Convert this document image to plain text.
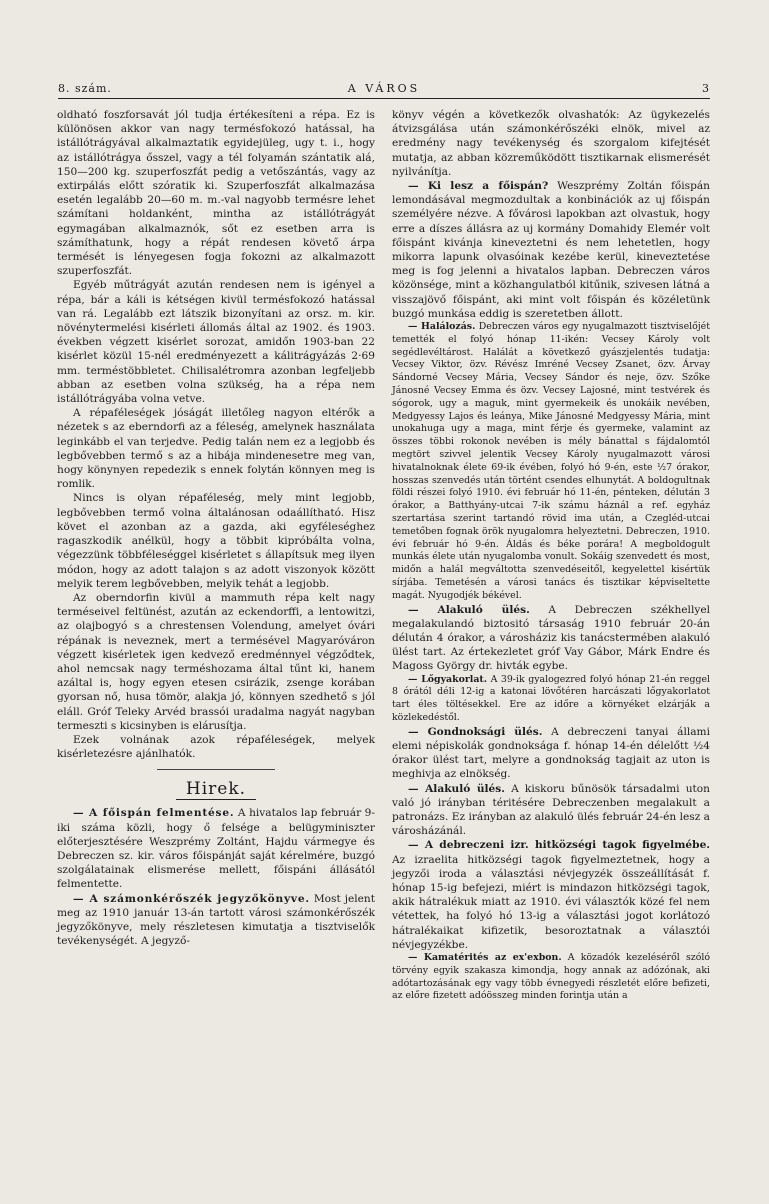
8. szám.	A VÁROS	3

oldható foszforsavát jól tudja értékesíteni a répa. Ez is különösen akkor van nagy termésfokozó hatással, ha istállótrágyával alkalmaztatik egyidejüleg, ugy t. i., hogy az istállótrágya ősszel, vagy a tél folyamán szántatik alá, 150—200 kg. szuperfoszfát pedig a vetőszántás, vagy az extirpálás előtt szóratik ki. Szuperfoszfát alkalmazása esetén legalább 20—60 m. m.-val nagyobb termésre lehet számítani holdanként, mintha az istállótrágyát egymagában alkalmaznók, sőt ez esetben arra is számíthatunk, hogy a répát rendesen követő árpa termését is lényegesen fogja fokozni az alkalmazott szuperfoszfát.

Egyéb műtrágyát azután rendesen nem is igényel a répa, bár a káli is kétségen kivül termésfokozó hatással van rá. Legalább ezt látszik bizonyítani az orsz. m. kir. növénytermelési kisérleti állomás által az 1902. és 1903. években végzett kisérlet sorozat, amidőn 1903-ban 22 kisérlet közül 15-nél eredményezett a kálitrágyázás 2·69 mm. terméstöbbletet. Chilisalétromra azonban legfeljebb abban az esetben volna szükség, ha a répa nem istállótrágyába volna vetve.

A répaféleségek jóságát illetőleg nagyon eltérők a nézetek s az eberndorfi az a féleség, amelynek használata leginkább el van terjedve. Pedig talán nem ez a legjobb és legbővebben termő s az a hibája mindenesetre meg van, hogy könynyen repedezik s ennek folytán könnyen meg is romlik.

Nincs is olyan répaféleség, mely mint legjobb, legbővebben termő volna általánosan odaállítható. Hisz követ el azonban az a gazda, aki egyféleséghez ragaszkodik anélkül, hogy a többit kipróbálta volna, végezzünk többféleséggel kisérletet s állapítsuk meg ilyen módon, hogy az adott talajon s az adott viszonyok között melyik terem legbővebben, melyik tehát a legjobb.

Az oberndorfin kivül a mammuth répa kelt nagy terméseivel feltünést, azután az eckendorffi, a lentowitzi, az olajbogyó s a chrestensen Volendung, amelyet óvári répának is neveznek, mert a termésével Magyaróváron végzett kisérletek igen kedvező eredménnyel végződtek, ahol nemcsak nagy terméshozama által tűnt ki, hanem azáltal is, hogy egyen etesen csirázik, zsenge korában gyorsan nő, husa tömör, alakja jó, könnyen szedhető s jól eláll. Gróf Teleky Arvéd brassói uradalma nagyát nagyban termeszti s kicsinyben is elárusítja.

Ezek volnának azok répaféleségek, melyek kisérletezésre ajánlhatók.

Hirek.

— A főispán felmentése. A hivatalos lap február 9-iki száma közli, hogy ő felsége a belügyminiszter előterjesztésére Weszprémy Zoltánt, Hajdu vármegye és Debreczen sz. kir. város főispánját saját kérelmére, buzgó szolgálatainak elismerése mellett, főispáni állásától felmentette.

— A számonkérőszék jegyzőkönyve. Most jelent meg az 1910 január 13-án tartott városi számonkérőszék jegyzőkönyve, mely részletesen kimutatja a tisztviselők tevékenységét. A jegyző-

könyv végén a következők olvashatók: Az ügykezelés átvizsgálása után számonkérőszéki elnök, mivel az eredmény nagy tevékenység és szorgalom kifejtését mutatja, az abban közreműködött tisztikarnak elismerését nyilvánítja.

— Ki lesz a főispán? Weszprémy Zoltán főispán lemondásával megmozdultak a konbinációk az uj főispán személyére nézve. A fővárosi lapokban azt olvastuk, hogy erre a díszes állásra az uj kormány Domahidy Elemér volt főispánt kivánja kineveztetni és nem lehetetlen, hogy mikorra lapunk olvasóinak kezébe kerül, kineveztetése meg is fog jelenni a hivatalos lapban. Debreczen város közönsége, mint a közhangulatból kitűnik, szivesen látná a visszajövő főispánt, aki mint volt főispán és közéletünk buzgó munkása eddig is szeretetben állott.

— Halálozás. Debreczen város egy nyugalmazott tisztviselőjét temették el folyó hónap 11-ikén: Vecsey Károly volt segédlevéltárost. Halálát a következő gyászjelentés tudatja: Vecsey Viktor, özv. Révész Imréné Vecsey Zsanet, özv. Árvay Sándorné Vecsey Mária, Vecsey Sándor és neje, özv. Szőke Jánosné Vecsey Emma és özv. Vecsey Lajosné, mint testvérek és sógorok, ugy a maguk, mint gyermekeik és unokáik nevében, Medgyessy Lajos és leánya, Mike Jánosné Medgyessy Mária, mint unokahuga ugy a maga, mint férje és gyermeke, valamint az összes többi rokonok nevében is mély bánattal s fájdalomtól megtört szivvel jelentik Vecsey Károly nyugalmazott városi hivatalnoknak élete 69-ik évében, folyó hó 9-én, este ½7 órakor, hosszas szenvedés után történt csendes elhunytát. A boldogultnak földi részei folyó 1910. évi február hó 11-én, pénteken, délután 3 órakor, a Batthyány-utcai 7-ik számu háznál a ref. egyház szertartása szerint tartandó rövid ima után, a Czegléd-utcai temetőben fognak örök nyugalomra helyeztetni. Debreczen, 1910. évi február hó 9-én. Áldás és béke porára! A megboldogult munkás élete után nyugalomba vonult. Sokáig szenvedett és most, midőn a halál megváltotta szenvedéseitől, kegyelettel kisértük sírjába. Temetésén a városi tanács és tisztikar képviseltette magát. Nyugodjék békével.

— Alakuló ülés. A Debreczen székhellyel megalakulandó biztositó társaság 1910 február 20-án délután 4 órakor, a városháziz kis tanácstermében alakuló ülést tart. Az értekezletet gróf Vay Gábor, Márk Endre és Magoss György dr. hivták egybe.

— Lőgyakorlat. A 39-ik gyalogezred folyó hónap 21-én reggel 8 órától déli 12-ig a katonai lövőtéren harcászati lőgyakorlatot tart éles töltésekkel. Ere az időre a környéket elzárják a közlekedéstől.

— Gondnoksági ülés. A debreczeni tanyai állami elemi népiskolák gondnoksága f. hónap 14-én délelőtt ½4 órakor ülést tart, melyre a gondnokság tagjait az uton is meghivja az elnökség.

— Alakuló ülés. A kiskoru bűnösök társadalmi uton való jó irányban téritésére Debreczenben megalakult a patronázs. Ez irányban az alakuló ülés február 24-én lesz a városházánál.

— A debreczeni izr. hitközségi tagok figyelmébe. Az izraelita hitközségi tagok figyelmeztetnek, hogy a jegyzői iroda a választási névjegyzék összeállítását f. hónap 15-ig befejezi, miért is mindazon hitközségi tagok, akik hátralékuk miatt az 1910. évi választók közé fel nem vétettek, ha folyó hó 13-ig a választási jogot korlátozó hátralékaikat kifizetik, besoroztatnak a választói névjegyzékbe.

— Kamatérités az ex'exbon. A közadók kezeléséről szóló törvény egyik szakasza kimondja, hogy annak az adózónak, aki adótartozásának egy vagy több évnegyedi részletét előre befizeti, az előre fizetett adóösszeg minden forintja után a
